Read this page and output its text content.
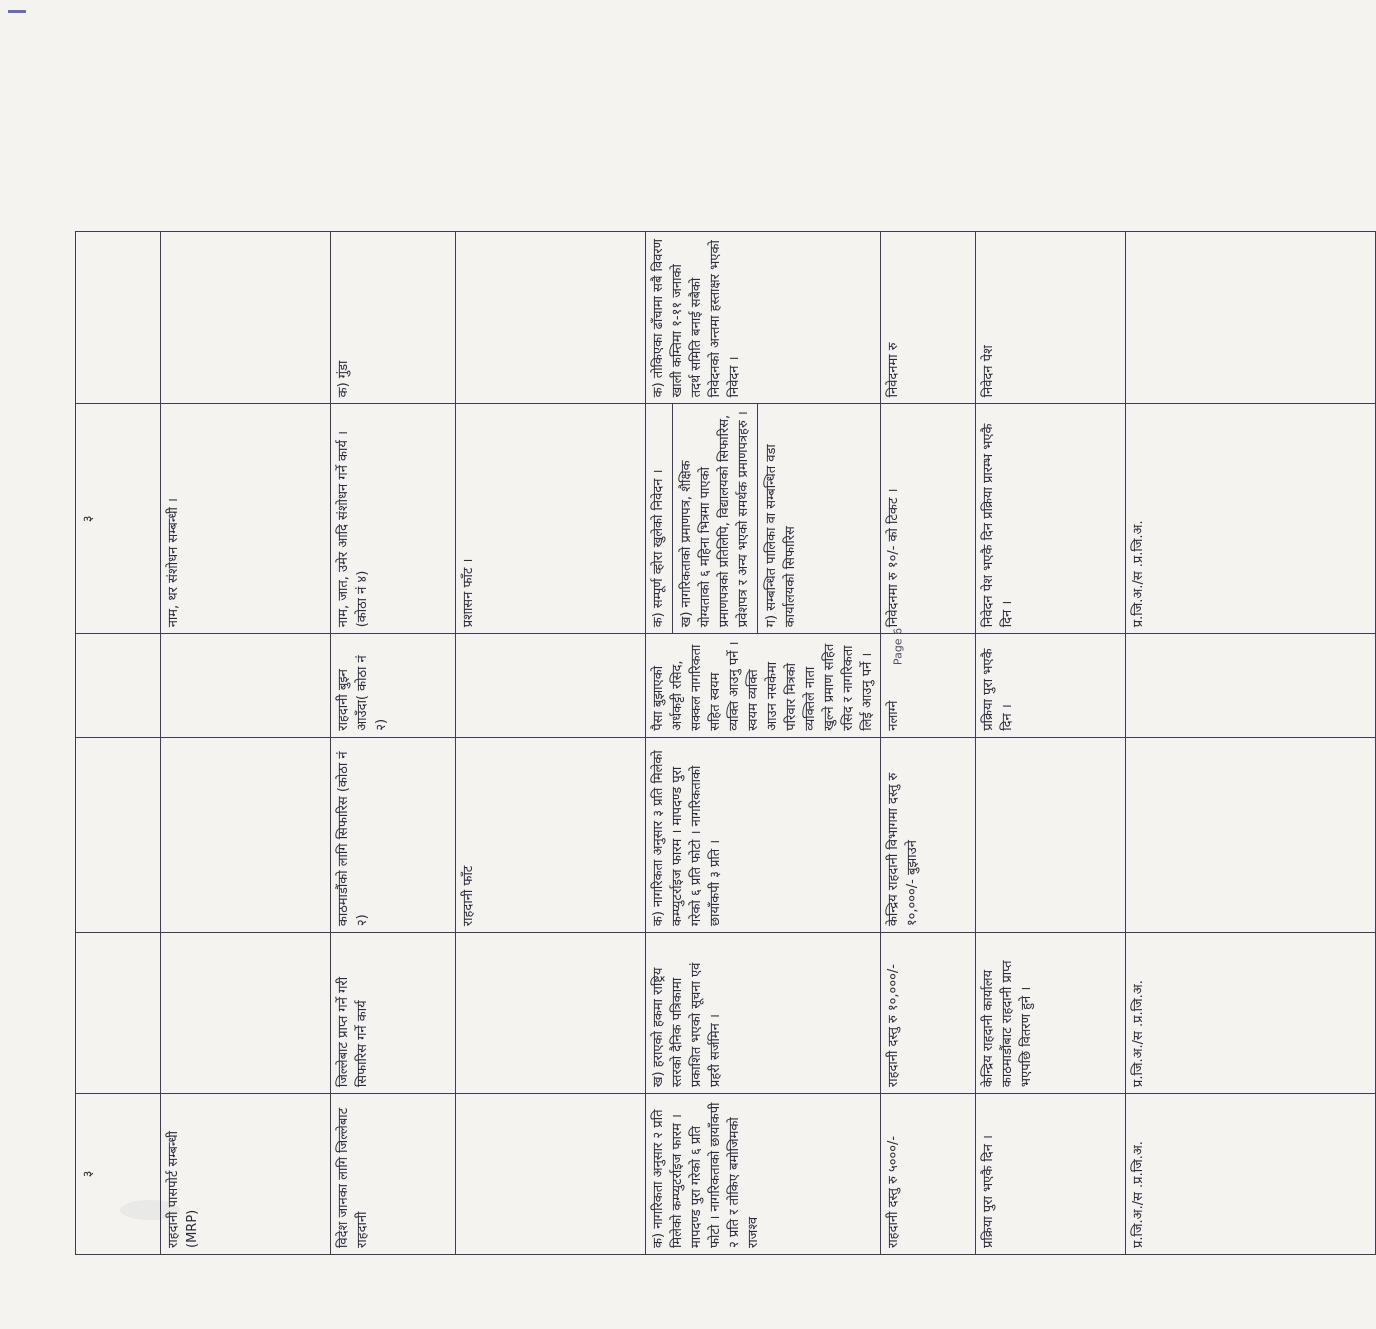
३				३	
राहदानी पासपोर्ट सम्बन्धी (MRP)				नाम, थर संशोधन सम्बन्धी ।	
विदेश जानका लागि जिल्लेबाट राहदानी	जिल्लेबाट प्राप्त गर्ने गरी सिफारिस गर्ने कार्य	काठमाडौंको लागि सिफारिस (कोठा नं २)	राहदानी बुझ्न आउँदा( कोठा नं २)	नाम, जात, उमेर आदि संशोधन गर्ने कार्य । (कोठा नं ४)	क) गुंडा
		राहदानी फाँट		प्रशासन फाँट ।	

क) नागरिकता अनुसार २ प्रति मिलेको कम्प्युटर्राइज फारम । मापदण्ड पुरा गरेको ६ प्रति फोटो । नागरिकताको छायाँकपी २ प्रति र तोकिए बमोजिमको राजश्व	ख) हराएको हकमा राष्ट्रिय स्तरको दैनिक पत्रिकामा प्रकाशित भएको सूचना एवं प्रहरी सर्जमिन ।	क) नागरिकता अनुसार ३ प्रति मिलेको कम्प्युटर्राइज फारम । मापदण्ड पुरा गरेको ६ प्रति फोटो । नागरिकताको छायाँकपी ३ प्रति ।	पैसा बुझाएको अर्धकट्टी रसिद, सक्कल नागरिकता सहित स्वयम व्यक्ति आउनु पर्ने । स्वयम व्यक्ति आउन नसकेमा परिवार मित्रको व्यक्तिले नाता खुल्ने प्रमाण सहित रसिद र नागरिकता लिई आउनु पर्ने ।	क) सम्पूर्ण व्होरा खुलेको निवेदन । ख) नागरिकताको प्रमाणपत्र, शैक्षिक योग्यताको ६ महिना भित्रमा पाएको प्रमाणपत्रको प्रतिलिपि, विद्यालयको सिफारिस, प्रवेशपत्र र अन्य भएको समर्थक प्रमाणपत्रहरु । ग) सम्बन्धित पालिका वा सम्बन्धित वडा कार्यालयको सिफारिस	क) तोकिएका ढाँचामा सबै विवरण खाली कम्तिमा १-११ जनाको तदर्थ समिति बनाई सबैको निवेदनको अन्तमा हस्ताक्षर भएको निवेदन ।

राहदानी दस्तु रु ५०००/-	राहदानी दस्तु रु १०,०००/-	केन्द्रिय राहदानी विभागमा दस्तु रु १०,०००/- बुझाउने	नलाग्ने	निवेदनमा रु १०/- को टिकट ।	निवेदनमा रु
प्रक्रिया पुरा भएकै दिन ।	केन्द्रिय राहदानी कार्यालय काठमाडौंबाट राहदानी प्राप्त भएपछि वितरण हुने ।		प्रक्रिया पुरा भएकै दिन ।	निवेदन पेश भएकै दिन प्रक्रिया प्रारम्भ भएकै दिन ।	निवेदन पेश
प्र.जि.अ./स .प्र.जि.अ.	प्र.जि.अ./स .प्र.जि.अ.			प्र.जि.अ./स .प्र.जि.अ.	
Page 6
